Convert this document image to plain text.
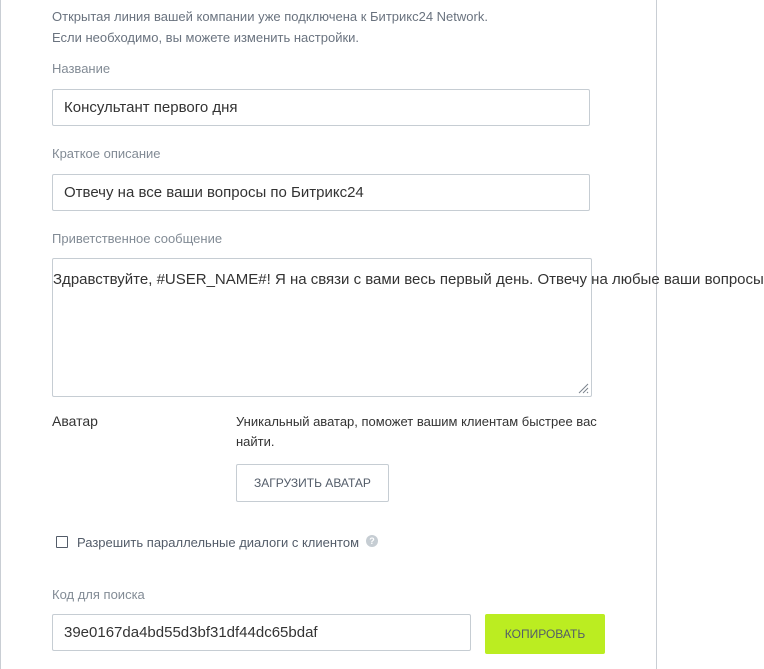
Открытая линия вашей компании уже подключена к Битрикс24 Network.
Если необходимо, вы можете изменить настройки.
Название
Консультант первого дня
Краткое описание
Отвечу на все ваши вопросы по Битрикс24
Приветственное сообщение
Здравствуйте, #USER_NAME#! Я на связи с вами весь первый день. Отвечу на любые ваши вопросы
Аватар	Уникальный аватар, поможет вашим клиентам быстрее вас найти.
ЗАГРУЗИТЬ АВАТАР
Разрешить параллельные диалоги с клиентом	?
Код для поиска
39e0167da4bd55d3bf31df44dc65bdaf	КОПИРОВАТЬ
